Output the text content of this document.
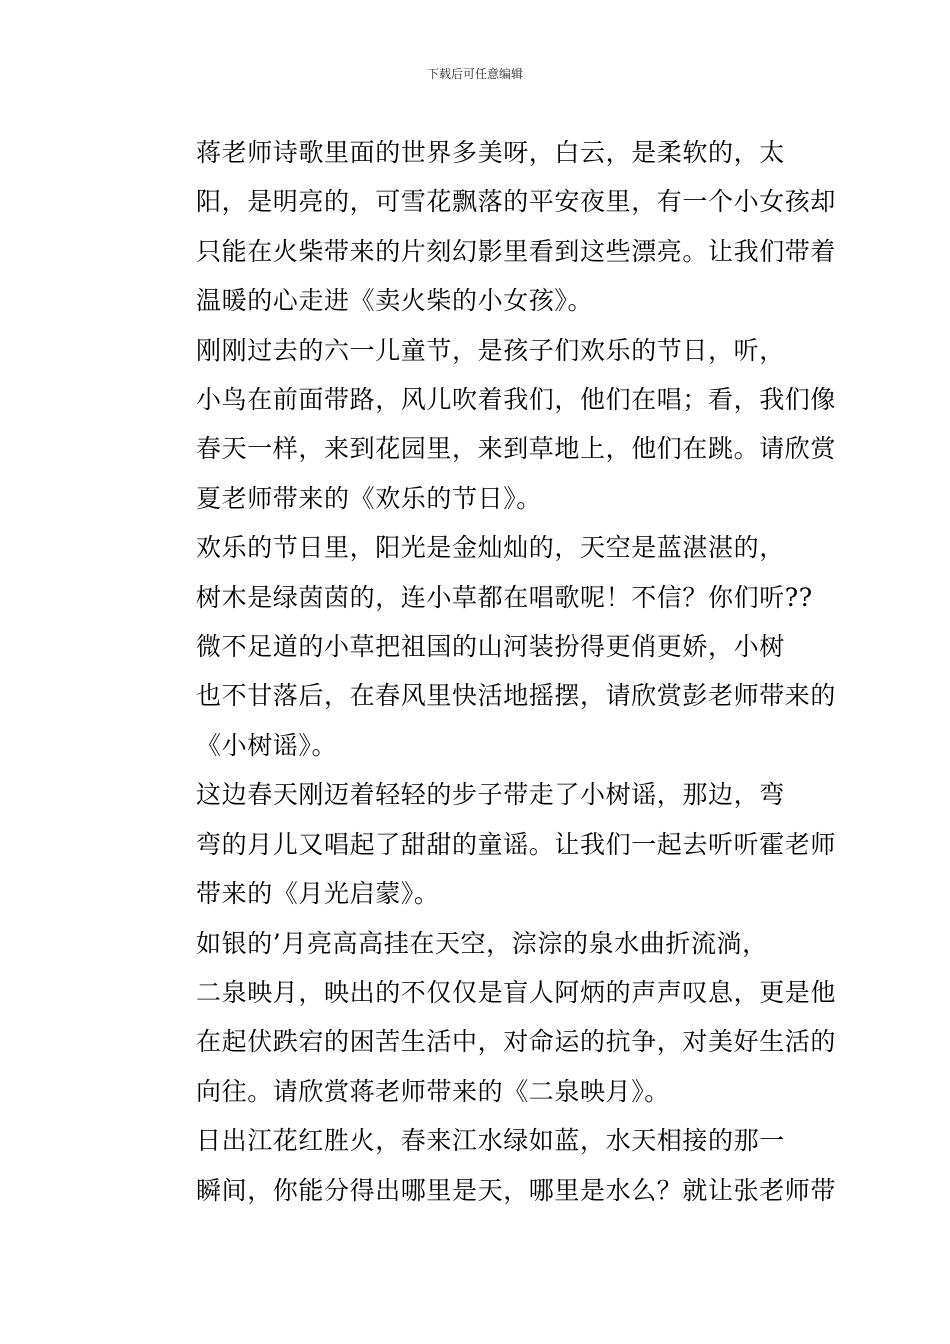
下载后可任意编辑

蒋老师诗歌里面的世界多美呀，白云，是柔软的，太
阳，是明亮的，可雪花飘落的平安夜里，有一个小女孩却
只能在火柴带来的片刻幻影里看到这些漂亮。让我们带着
温暖的心走进《卖火柴的小女孩》。

刚刚过去的六一儿童节，是孩子们欢乐的节日，听，
小鸟在前面带路，风儿吹着我们，他们在唱；看，我们像
春天一样，来到花园里，来到草地上，他们在跳。请欣赏
夏老师带来的《欢乐的节日》。

欢乐的节日里，阳光是金灿灿的，天空是蓝湛湛的，
树木是绿茵茵的，连小草都在唱歌呢！不信？你们听??

微不足道的小草把祖国的山河装扮得更俏更娇，小树
也不甘落后，在春风里快活地摇摆，请欣赏彭老师带来的
《小树谣》。

这边春天刚迈着轻轻的步子带走了小树谣，那边，弯
弯的月儿又唱起了甜甜的童谣。让我们一起去听听霍老师
带来的《月光启蒙》。

如银的’月亮高高挂在天空，淙淙的泉水曲折流淌，
二泉映月，映出的不仅仅是盲人阿炳的声声叹息，更是他
在起伏跌宕的困苦生活中，对命运的抗争，对美好生活的
向往。请欣赏蒋老师带来的《二泉映月》。

日出江花红胜火，春来江水绿如蓝，水天相接的那一
瞬间，你能分得出哪里是天，哪里是水么？就让张老师带
